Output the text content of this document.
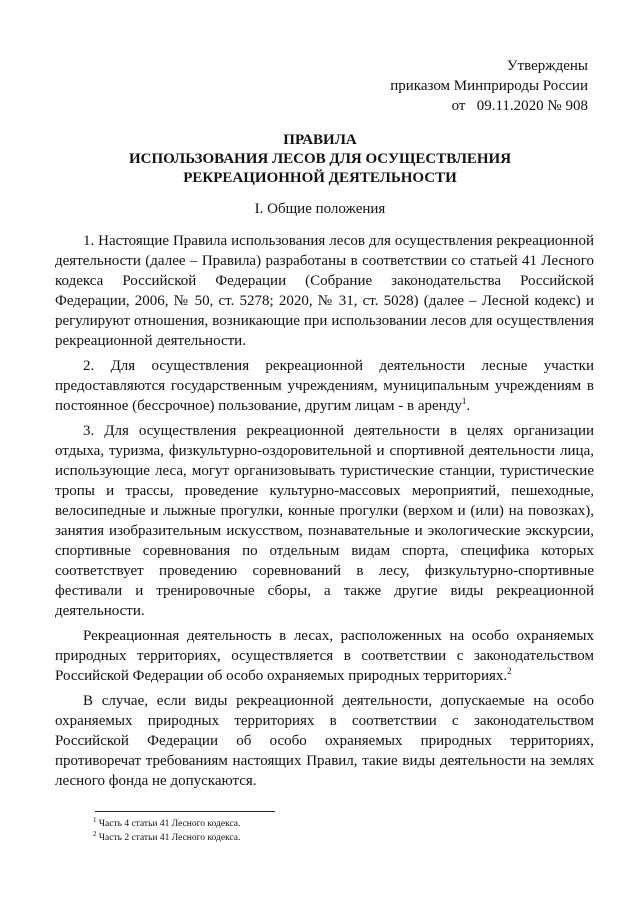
Утверждены
приказом Минприроды России
от   09.11.2020 № 908
ПРАВИЛА
ИСПОЛЬЗОВАНИЯ ЛЕСОВ ДЛЯ ОСУЩЕСТВЛЕНИЯ
РЕКРЕАЦИОННОЙ ДЕЯТЕЛЬНОСТИ
I. Общие положения

1. Настоящие Правила использования лесов для осуществления рекреационной деятельности (далее – Правила) разработаны в соответствии со статьей 41 Лесного кодекса Российской Федерации (Собрание законодательства Российской Федерации, 2006, № 50, ст. 5278; 2020, № 31, ст. 5028) (далее – Лесной кодекс) и регулируют отношения, возникающие при использовании лесов для осуществления рекреационной деятельности.

2. Для осуществления рекреационной деятельности лесные участки предоставляются государственным учреждениям, муниципальным учреждениям в постоянное (бессрочное) пользование, другим лицам - в аренду$^1$.

3. Для осуществления рекреационной деятельности в целях организации отдыха, туризма, физкультурно-оздоровительной и спортивной деятельности лица, использующие леса, могут организовывать туристические станции, туристические тропы и трассы, проведение культурно-массовых мероприятий, пешеходные, велосипедные и лыжные прогулки, конные прогулки (верхом и (или) на повозках), занятия изобразительным искусством, познавательные и экологические экскурсии, спортивные соревнования по отдельным видам спорта, специфика которых соответствует проведению соревнований в лесу, физкультурно-спортивные фестивали и тренировочные сборы, а также другие виды рекреационной деятельности.

Рекреационная деятельность в лесах, расположенных на особо охраняемых природных территориях, осуществляется в соответствии с законодательством Российской Федерации об особо охраняемых природных территориях.$^2$

В случае, если виды рекреационной деятельности, допускаемые на особо охраняемых природных территориях в соответствии с законодательством Российской Федерации об особо охраняемых природных территориях, противоречат требованиям настоящих Правил, такие виды деятельности на землях лесного фонда не допускаются.

$^1$ Часть 4 статьи 41 Лесного кодекса.
$^2$ Часть 2 статьи 41 Лесного кодекса.
